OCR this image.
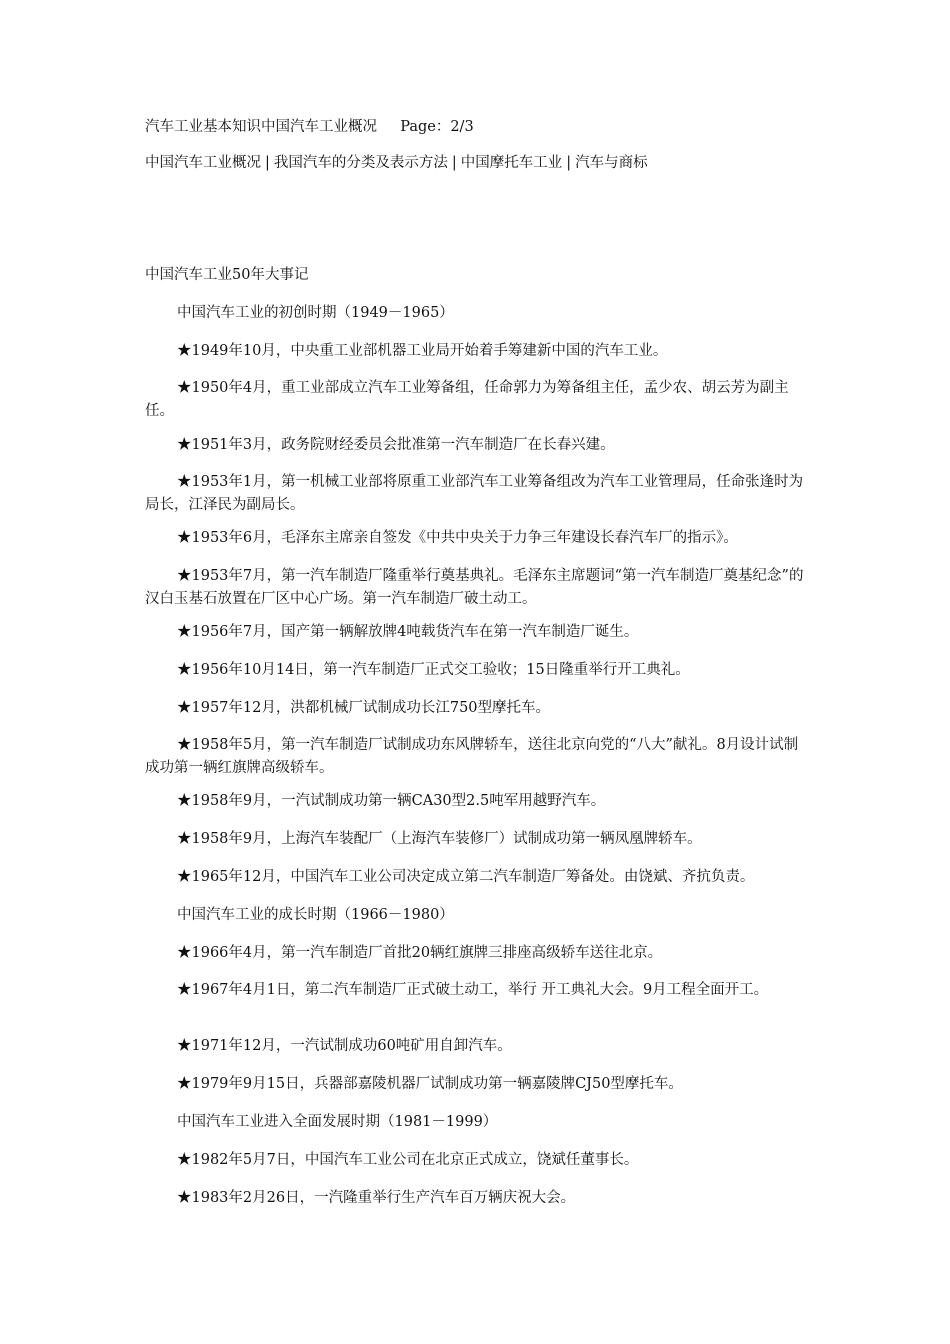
汽车工业基本知识中国汽车工业概况 Page：2/3
中国汽车工业概况 | 我国汽车的分类及表示方法 | 中国摩托车工业 | 汽车与商标
中国汽车工业50年大事记
中国汽车工业的初创时期（1949－1965）
★1949年10月，中央重工业部机器工业局开始着手筹建新中国的汽车工业。
★1950年4月，重工业部成立汽车工业筹备组，任命郭力为筹备组主任，孟少农、胡云芳为副主任。
★1951年3月，政务院财经委员会批准第一汽车制造厂在长春兴建。
★1953年1月，第一机械工业部将原重工业部汽车工业筹备组改为汽车工业管理局，任命张逢时为局长，江泽民为副局长。
★1953年6月，毛泽东主席亲自签发《中共中央关于力争三年建设长春汽车厂的指示》。
★1953年7月，第一汽车制造厂隆重举行奠基典礼。毛泽东主席题词“第一汽车制造厂奠基纪念”的汉白玉基石放置在厂区中心广场。第一汽车制造厂破土动工。
★1956年7月，国产第一辆解放牌4吨载货汽车在第一汽车制造厂诞生。
★1956年10月14日，第一汽车制造厂正式交工验收；15日隆重举行开工典礼。
★1957年12月，洪都机械厂试制成功长江750型摩托车。
★1958年5月，第一汽车制造厂试制成功东风牌轿车，送往北京向党的“八大”献礼。8月设计试制成功第一辆红旗牌高级轿车。
★1958年9月，一汽试制成功第一辆CA30型2.5吨军用越野汽车。
★1958年9月，上海汽车装配厂（上海汽车装修厂）试制成功第一辆凤凰牌轿车。
★1965年12月，中国汽车工业公司决定成立第二汽车制造厂筹备处。由饶斌、齐抗负责。
中国汽车工业的成长时期（1966－1980）
★1966年4月，第一汽车制造厂首批20辆红旗牌三排座高级轿车送往北京。
★1967年4月1日，第二汽车制造厂正式破土动工，举行 开工典礼大会。9月工程全面开工。
★1971年12月，一汽试制成功60吨矿用自卸汽车。
★1979年9月15日，兵器部嘉陵机器厂试制成功第一辆嘉陵牌CJ50型摩托车。
中国汽车工业进入全面发展时期（1981－1999）
★1982年5月7日，中国汽车工业公司在北京正式成立，饶斌任董事长。
★1983年2月26日，一汽隆重举行生产汽车百万辆庆祝大会。
